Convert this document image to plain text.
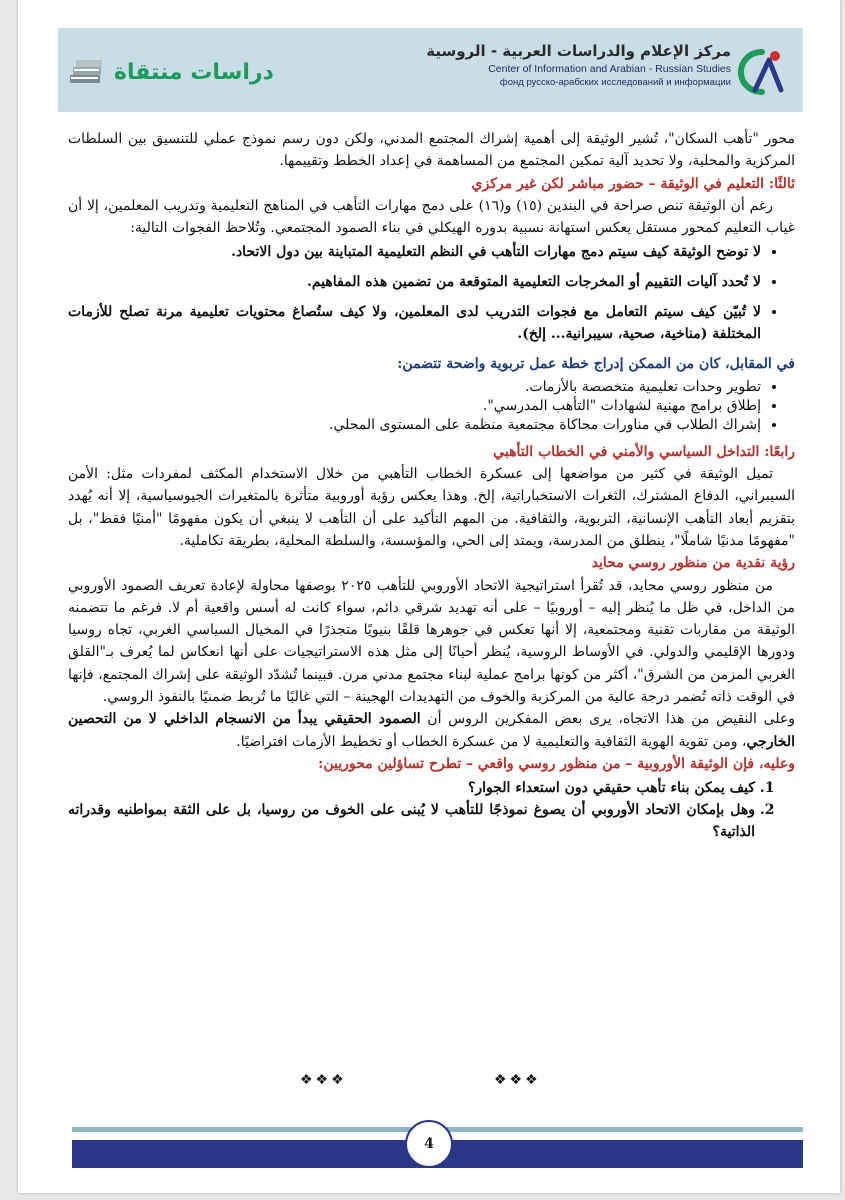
دراسات منتقاة
مركز الإعلام والدراسات العربية - الروسية
Center of Information and Arabian - Russian Studies
фонд русско-арабских исследований и информации

محور "تأهب السكان"، تُشير الوثيقة إلى أهمية إشراك المجتمع المدني، ولكن دون رسم نموذج عملي للتنسيق بين السلطات المركزية والمحلية، ولا تحديد آلية تمكين المجتمع من المساهمة في إعداد الخطط وتقييمها.

ثالثًا: التعليم في الوثيقة – حضور مباشر لكن غير مركزي

رغم أن الوثيقة تنص صراحة في البندين (١٥) و(١٦) على دمج مهارات التأهب في المناهج التعليمية وتدريب المعلمين، إلا أن غياب التعليم كمحور مستقل يعكس استهانة نسبية بدوره الهيكلي في بناء الصمود المجتمعي. وتُلاحظ الفجوات التالية:

• لا توضح الوثيقة كيف سيتم دمج مهارات التأهب في النظم التعليمية المتباينة بين دول الاتحاد.
• لا تُحدد آليات التقييم أو المخرجات التعليمية المتوقعة من تضمين هذه المفاهيم.
• لا تُبيّن كيف سيتم التعامل مع فجوات التدريب لدى المعلمين، ولا كيف ستُصاغ محتويات تعليمية مرنة تصلح للأزمات المختلفة (مناخية، صحية، سيبرانية... إلخ).

في المقابل، كان من الممكن إدراج خطة عمل تربوية واضحة تتضمن:

• تطوير وحدات تعليمية متخصصة بالأزمات.
• إطلاق برامج مهنية لشهادات "التأهب المدرسي".
• إشراك الطلاب في مناورات محاكاة مجتمعية منظمة على المستوى المحلي.

رابعًا: التداخل السياسي والأمني في الخطاب التأهبي

تميل الوثيقة في كثير من مواضعها إلى عسكرة الخطاب التأهبي من خلال الاستخدام المكثف لمفردات مثل: الأمن السيبراني، الدفاع المشترك، الثغرات الاستخباراتية، إلخ. وهذا يعكس رؤية أوروبية متأثرة بالمتغيرات الجيوسياسية، إلا أنه يُهدد بتقزيم أبعاد التأهب الإنسانية، التربوية، والثقافية. من المهم التأكيد على أن التأهب لا ينبغي أن يكون مفهومًا "أمنيًا فقط"، بل "مفهومًا مدنيًا شاملًا"، ينطلق من المدرسة، ويمتد إلى الحي، والمؤسسة، والسلطة المحلية، بطريقة تكاملية.

رؤية نقدية من منظور روسي محايد

من منظور روسي محايد، قد تُقرأ استراتيجية الاتحاد الأوروبي للتأهب ٢٠٢٥ بوصفها محاولة لإعادة تعريف الصمود الأوروبي من الداخل، في ظل ما يُنظر إليه – أوروبيًا – على أنه تهديد شرقي دائم، سواء كانت له أسس واقعية أم لا. فرغم ما تتضمنه الوثيقة من مقاربات تقنية ومجتمعية، إلا أنها تعكس في جوهرها قلقًا بنيويًا متجذرًا في المخيال السياسي الغربي، تجاه روسيا ودورها الإقليمي والدولي. في الأوساط الروسية، يُنظر أحيانًا إلى مثل هذه الاستراتيجيات على أنها انعكاس لما يُعرف بـ"القلق الغربي المزمن من الشرق"، أكثر من كونها برامج عملية لبناء مجتمع مدني مرن. فبينما تُشدّد الوثيقة على إشراك المجتمع، فإنها في الوقت ذاته تُضمر درجة عالية من المركزية والخوف من التهديدات الهجينة – التي غالبًا ما تُربط ضمنيًا بالنفوذ الروسي.

وعلى النقيض من هذا الاتجاه، يرى بعض المفكرين الروس أن الصمود الحقيقي يبدأ من الانسجام الداخلي لا من التحصين الخارجي، ومن تقوية الهوية الثقافية والتعليمية لا من عسكرة الخطاب أو تخطيط الأزمات افتراضيًا.

وعليه، فإن الوثيقة الأوروبية – من منظور روسي واقعي – تطرح تساؤلين محوريين:

1. كيف يمكن بناء تأهب حقيقي دون استعداء الجوار؟
2. وهل بإمكان الاتحاد الأوروبي أن يصوغ نموذجًا للتأهب لا يُبنى على الخوف من روسيا، بل على الثقة بمواطنيه وقدراته الذاتية؟
❖❖❖
❖❖❖
4
